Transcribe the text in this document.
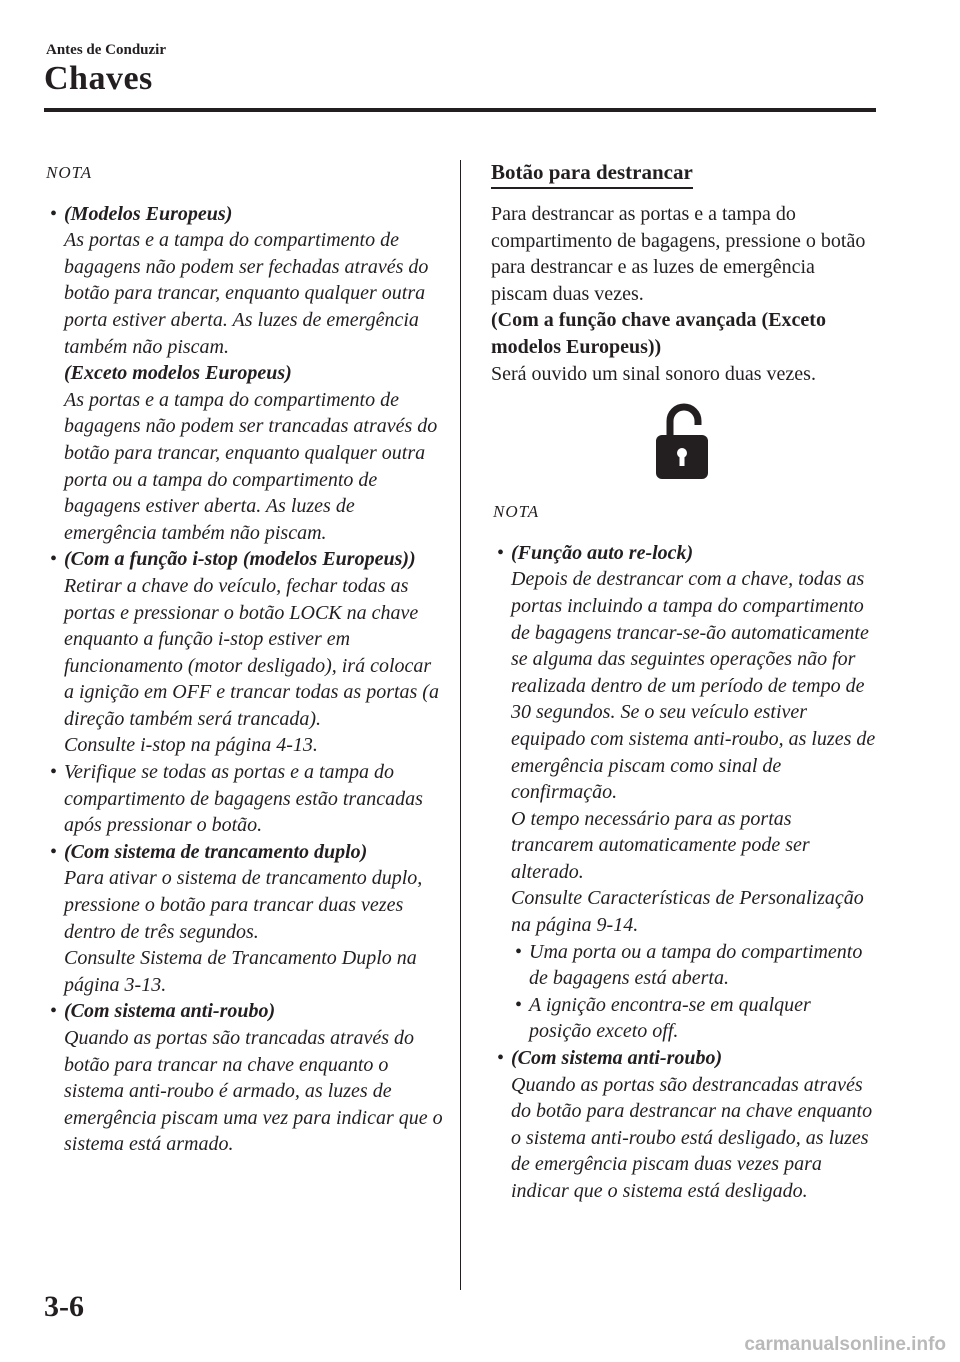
Antes de Conduzir
Chaves
NOTA
• (Modelos Europeus)
As portas e a tampa do compartimento de bagagens não podem ser fechadas através do botão para trancar, enquanto qualquer outra porta estiver aberta. As luzes de emergência também não piscam.
(Exceto modelos Europeus)
As portas e a tampa do compartimento de bagagens não podem ser trancadas através do botão para trancar, enquanto qualquer outra porta ou a tampa do compartimento de bagagens estiver aberta. As luzes de emergência também não piscam.
• (Com a função i-stop (modelos Europeus))
Retirar a chave do veículo, fechar todas as portas e pressionar o botão LOCK na chave enquanto a função i-stop estiver em funcionamento (motor desligado), irá colocar a ignição em OFF e trancar todas as portas (a direção também será trancada).
Consulte i-stop na página 4-13.
• Verifique se todas as portas e a tampa do compartimento de bagagens estão trancadas após pressionar o botão.
• (Com sistema de trancamento duplo)
Para ativar o sistema de trancamento duplo, pressione o botão para trancar duas vezes dentro de três segundos.
Consulte Sistema de Trancamento Duplo na página 3-13.
• (Com sistema anti-roubo)
Quando as portas são trancadas através do botão para trancar na chave enquanto o sistema anti-roubo é armado, as luzes de emergência piscam uma vez para indicar que o sistema está armado.
Botão para destrancar

Para destrancar as portas e a tampa do compartimento de bagagens, pressione o botão para destrancar e as luzes de emergência piscam duas vezes.

(Com a função chave avançada (Exceto modelos Europeus))

Será ouvido um sinal sonoro duas vezes.

NOTA
• (Função auto re-lock)
Depois de destrancar com a chave, todas as portas incluindo a tampa do compartimento de bagagens trancar-se-ão automaticamente se alguma das seguintes operações não for realizada dentro de um período de tempo de 30 segundos. Se o seu veículo estiver equipado com sistema anti-roubo, as luzes de emergência piscam como sinal de confirmação.
O tempo necessário para as portas trancarem automaticamente pode ser alterado.
Consulte Características de Personalização na página 9-14.
• Uma porta ou a tampa do compartimento de bagagens está aberta.
• A ignição encontra-se em qualquer posição exceto off.
• (Com sistema anti-roubo)
Quando as portas são destrancadas através do botão para destrancar na chave enquanto o sistema anti-roubo está desligado, as luzes de emergência piscam duas vezes para indicar que o sistema está desligado.
3-6
carmanualsonline.info
